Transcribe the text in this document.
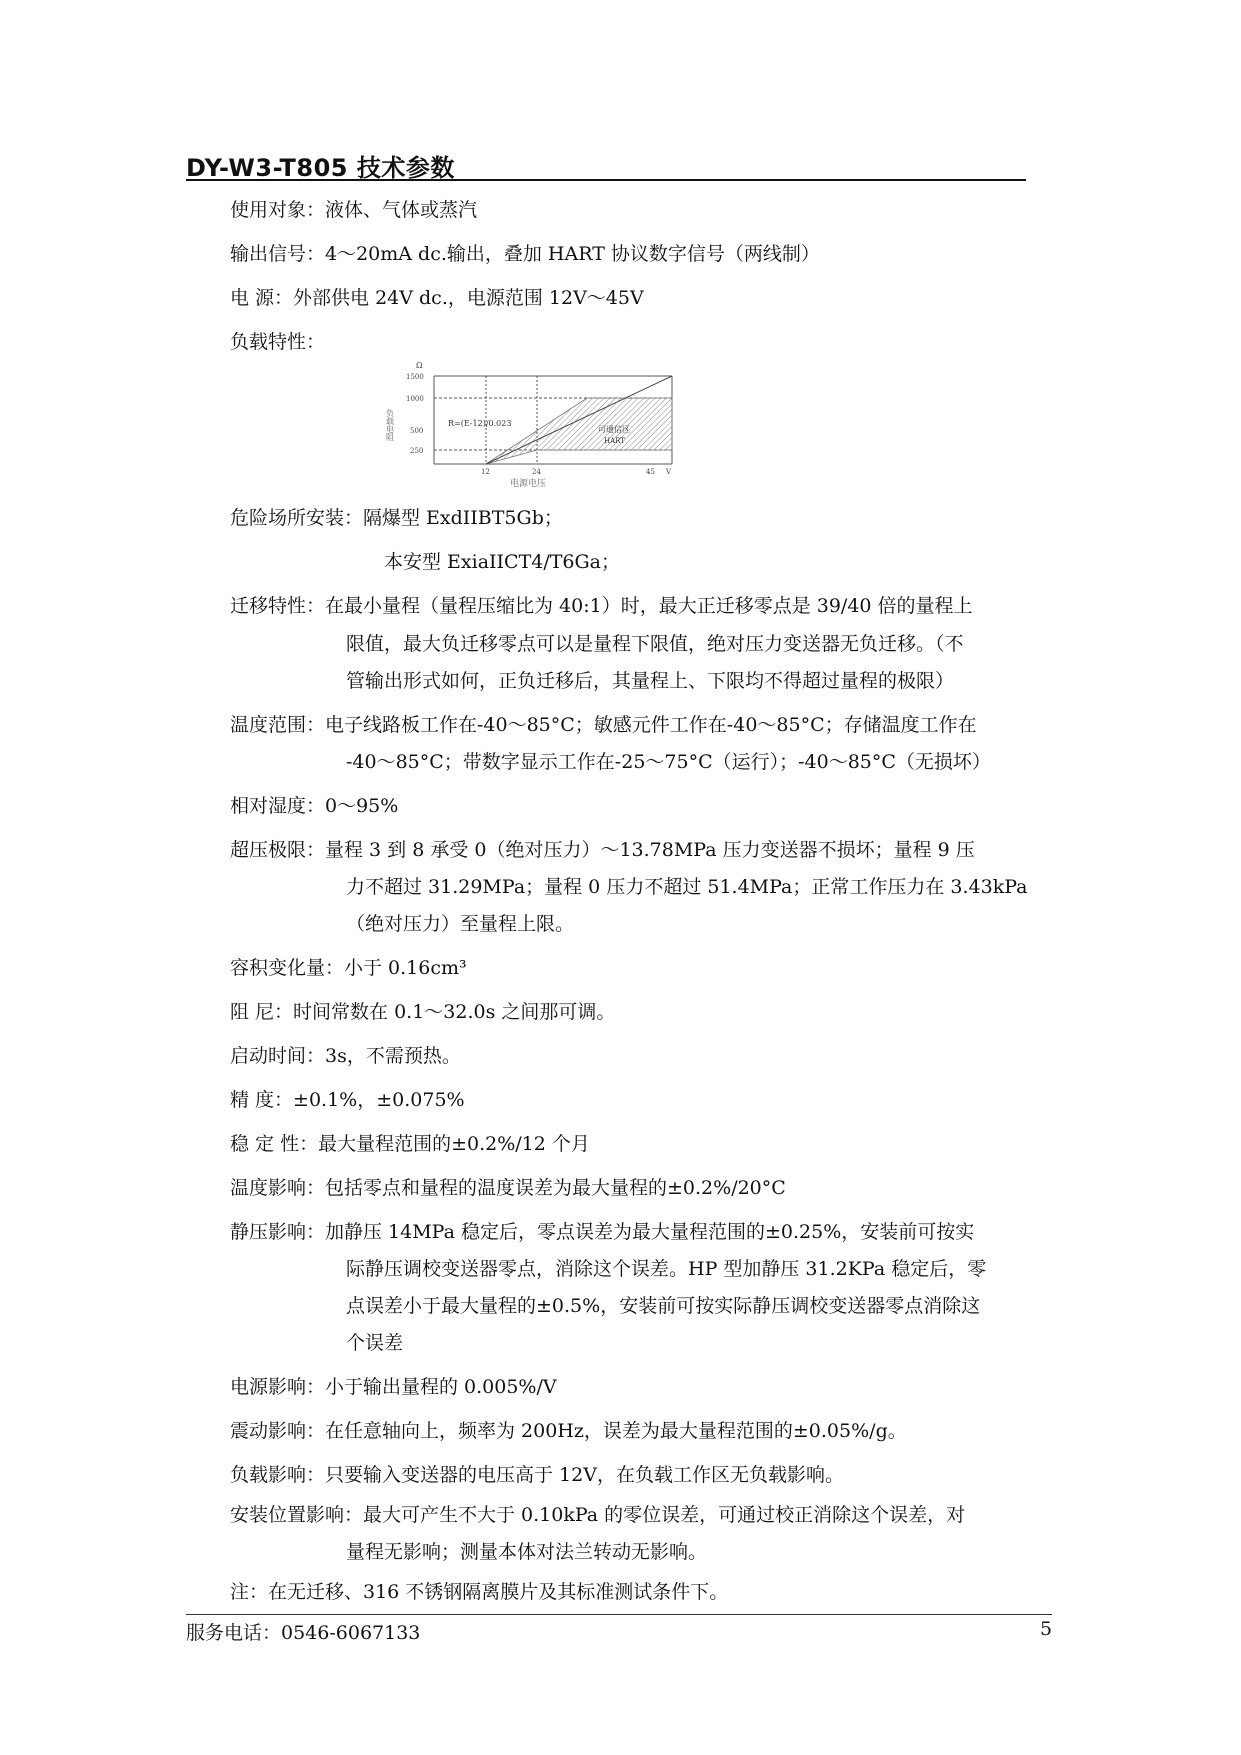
DY-W3-T805 技术参数
使用对象：液体、气体或蒸汽
输出信号：4～20mA dc.输出，叠加 HART 协议数字信号（两线制）
电 源：外部供电 24V dc.，电源范围 12V～45V
负载特性：
Ω
1500
1000
500
250
负载电阻
12	24	45 V
电源电压
R=(E-12)/0.023
可通信区
HART
危险场所安装：隔爆型 ExdIIBT5Gb；
本安型 ExiaIICT4/T6Ga；
迁移特性：在最小量程（量程压缩比为 40:1）时，最大正迁移零点是 39/40 倍的量程上
限值，最大负迁移零点可以是量程下限值，绝对压力变送器无负迁移。（不
管输出形式如何，正负迁移后，其量程上、下限均不得超过量程的极限）
温度范围：电子线路板工作在-40～85°C；敏感元件工作在-40～85°C；存储温度工作在
-40～85°C；带数字显示工作在-25～75°C（运行）；-40～85°C（无损坏）
相对湿度：0～95%
超压极限：量程 3 到 8 承受 0（绝对压力）～13.78MPa 压力变送器不损坏；量程 9 压
力不超过 31.29MPa；量程 0 压力不超过 51.4MPa；正常工作压力在 3.43kPa
（绝对压力）至量程上限。
容积变化量：小于 0.16cm³
阻 尼：时间常数在 0.1～32.0s 之间那可调。
启动时间：3s，不需预热。
精 度：±0.1%，±0.075%
稳 定 性：最大量程范围的±0.2%/12 个月
温度影响：包括零点和量程的温度误差为最大量程的±0.2%/20°C
静压影响：加静压 14MPa 稳定后，零点误差为最大量程范围的±0.25%，安装前可按实
际静压调校变送器零点，消除这个误差。HP 型加静压 31.2KPa 稳定后，零
点误差小于最大量程的±0.5%，安装前可按实际静压调校变送器零点消除这
个误差
电源影响：小于输出量程的 0.005%/V
震动影响：在任意轴向上，频率为 200Hz，误差为最大量程范围的±0.05%/g。
负载影响：只要输入变送器的电压高于 12V，在负载工作区无负载影响。
安装位置影响：最大可产生不大于 0.10kPa 的零位误差，可通过校正消除这个误差，对
量程无影响；测量本体对法兰转动无影响。
注：在无迁移、316 不锈钢隔离膜片及其标准测试条件下。
服务电话：0546-6067133	5
